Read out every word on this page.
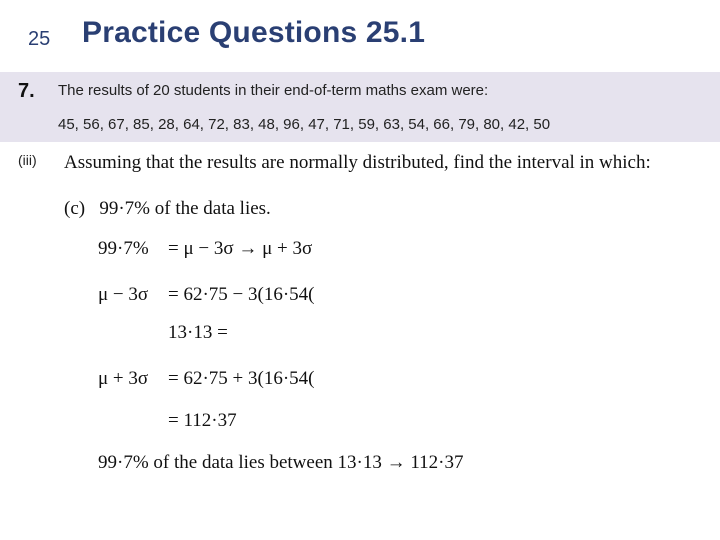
25 Practice Questions 25.1
7. The results of 20 students in their end-of-term maths exam were:
45, 56, 67, 85, 28, 64, 72, 83, 48, 96, 47, 71, 59, 63, 54, 66, 79, 80, 42, 50
(iii) Assuming that the results are normally distributed, find the interval in which:
(c)   99·7% of the data lies.
99·7% = μ − 3σ → μ + 3σ
μ − 3σ = 62·75 − 3(16·54(
13·13 =
μ + 3σ = 62·75 + 3(16·54(
= 112·37
99·7% of the data lies between 13·13 → 112·37
